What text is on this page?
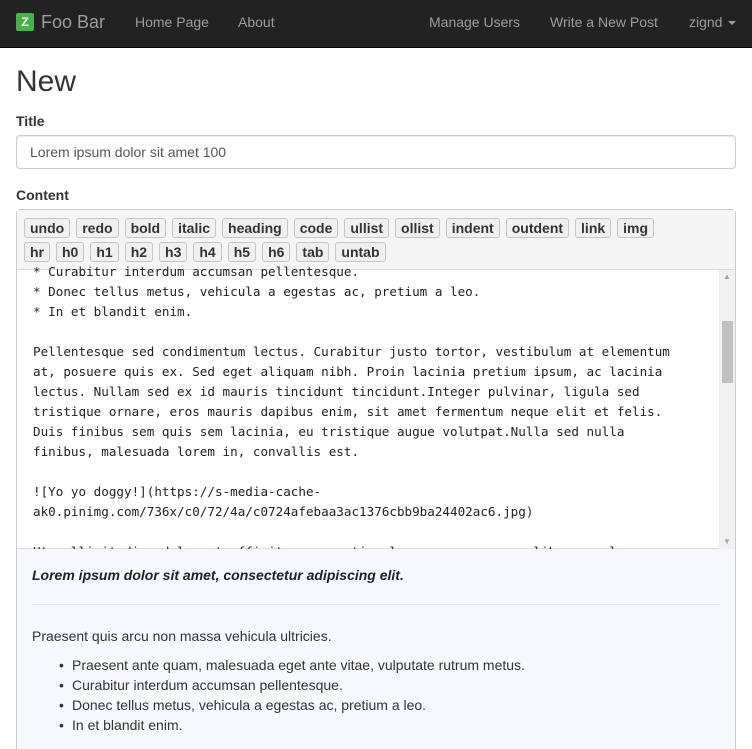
Z Foo Bar Home Page About	Manage Users Write a New Post zignd
New
Title
Lorem ipsum dolor sit amet 100
Content
undo	redo	bold	italic	heading	code	ullist	ollist	indent	outdent	link	img
hr	h0	h1	h2	h3	h4	h5	h6	tab	untab
* Curabitur interdum accumsan pellentesque.
* Donec tellus metus, vehicula a egestas ac, pretium a leo.
* In et blandit enim.
Pellentesque sed condimentum lectus. Curabitur justo tortor, vestibulum at elementum
at, posuere quis ex. Sed eget aliquam nibh. Proin lacinia pretium ipsum, ac lacinia
lectus. Nullam sed ex id mauris tincidunt tincidunt.Integer pulvinar, ligula sed
tristique ornare, eros mauris dapibus enim, sit amet fermentum neque elit et felis.
Duis finibus sem quis sem lacinia, eu tristique augue volutpat.Nulla sed nulla
finibus, malesuada lorem in, convallis est.
![Yo yo doggy!](https://s-media-cache-
ak0.pinimg.com/736x/c0/72/4a/c0724afebaa3ac1376cbb9ba24402ac6.jpg)
▲
▼
Lorem ipsum dolor sit amet, consectetur adipiscing elit.

Praesent quis arcu non massa vehicula ultricies.

• Praesent ante quam, malesuada eget ante vitae, vulputate rutrum metus.
• Curabitur interdum accumsan pellentesque.
• Donec tellus metus, vehicula a egestas ac, pretium a leo.
• In et blandit enim.
